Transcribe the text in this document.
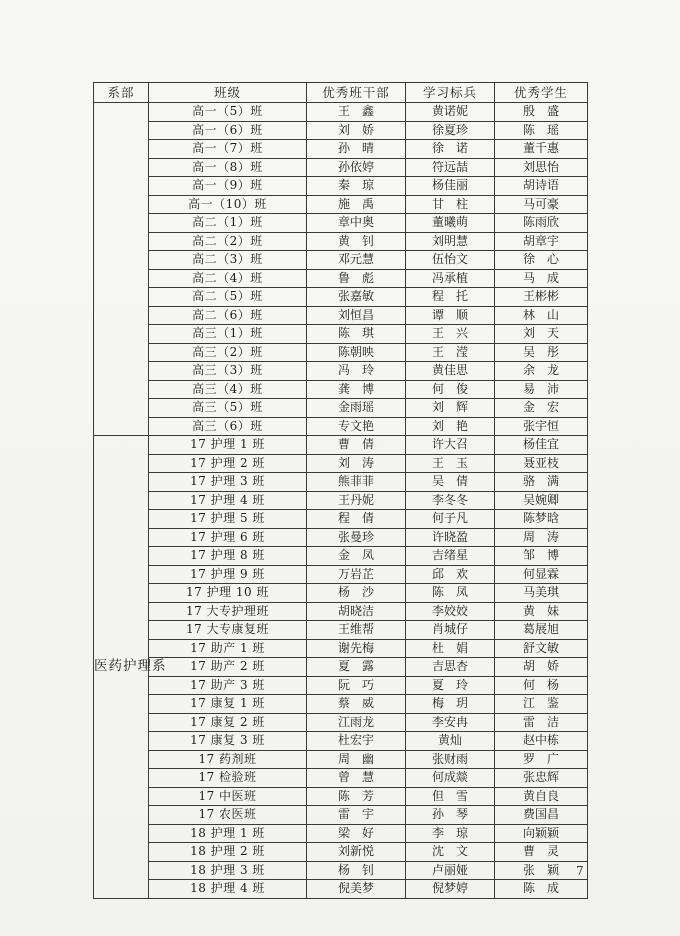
系部	班级	优秀班干部	学习标兵	优秀学生
	高一（5）班	王　鑫	黄诺妮	殷　盛
	高一（6）班	刘　娇	徐夏珍	陈　瑶
	高一（7）班	孙　晴	徐　诺	董千惠
	高一（8）班	孙依婷	符远喆	刘思怡
	高一（9）班	秦　琼	杨佳丽	胡诗语
	高一（10）班	施　禹	甘　柱	马可豪
	高二（1）班	章中奥	董曦萌	陈雨欣
	高二（2）班	黄　钊	刘明慧	胡章宇
	高二（3）班	邓元慧	伍怡文	徐　心
	高二（4）班	鲁　彪	冯承植	马　成
	高二（5）班	张嘉敏	程　托	王彬彬
	高二（6）班	刘恒昌	谭　顺	林　山
	高三（1）班	陈　琪	王　兴	刘　天
	高三（2）班	陈朝映	王　滢	吴　彤
	高三（3）班	冯　玲	黄佳思	余　龙
	高三（4）班	龚　博	何　俊	易　沛
	高三（5）班	金雨瑶	刘　辉	金　宏
	高三（6）班	专文艳	刘　艳	张宇恒
医药护理系	17 护理 1 班	曹　倩	许大召	杨佳宜
	17 护理 2 班	刘　涛	王　玉	聂亚枝
	17 护理 3 班	熊菲菲	吴　倩	骆　满
	17 护理 4 班	王丹妮	李冬冬	吴婉卿
	17 护理 5 班	程　倩	何子凡	陈梦晗
	17 护理 6 班	张曼珍	许晓盈	周　涛
	17 护理 8 班	金　凤	吉绪星	邹　博
	17 护理 9 班	万岩芷	邱　欢	何显霖
	17 护理 10 班	杨　沙	陈　凤	马美琪
	17 大专护理班	胡晓洁	李姣姣	黄　妹
	17 大专康复班	王维帮	肖城仔	葛展旭
	17 助产 1 班	谢先梅	杜　娟	舒文敏
	17 助产 2 班	夏　露	吉思杏	胡　娇
	17 助产 3 班	阮　巧	夏　玲	何　杨
	17 康复 1 班	蔡　威	梅　玥	江　鉴
	17 康复 2 班	江雨龙	李安冉	雷　洁
	17 康复 3 班	杜宏宇	黄灿	赵中栋
	17 药剂班	周　幽	张财雨	罗　广
	17 检验班	曾　慧	何成燚	张忠辉
	17 中医班	陈　芳	但　雪	黄自良
	17 农医班	雷　宇	孙　琴	费国昌
	18 护理 1 班	梁　好	李　琼	向颖颖
	18 护理 2 班	刘新悦	沈　文	曹　灵
	18 护理 3 班	杨　钊	卢丽娅	张　颖
	18 护理 4 班	倪美梦	倪梦婷	陈　成
7
